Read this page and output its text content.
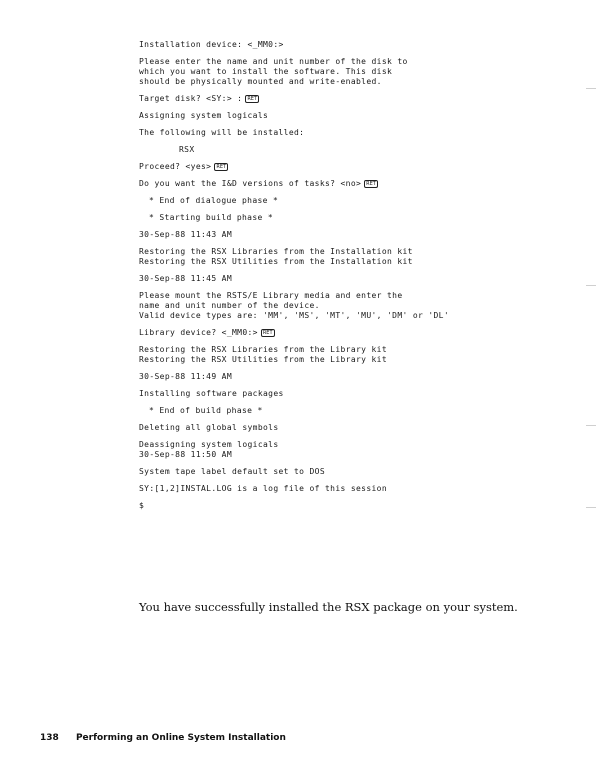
Installation device: <_MM0:>
Please enter the name and unit number of the disk to
which you want to install the software. This disk
should be physically mounted and write-enabled.
Target disk? <SY:> : RET
Assigning system logicals
The following will be installed:
RSX
Proceed? <yes> RET
Do you want the I&D versions of tasks? <no> RET
* End of dialogue phase *
* Starting build phase *
30-Sep-88 11:43 AM
Restoring the RSX Libraries from the Installation kit
Restoring the RSX Utilities from the Installation kit
30-Sep-88 11:45 AM
Please mount the RSTS/E Library media and enter the
name and unit number of the device.
Valid device types are: 'MM', 'MS', 'MT', 'MU', 'DM' or 'DL'
Library device? <_MM0:> RET
Restoring the RSX Libraries from the Library kit
Restoring the RSX Utilities from the Library kit
30-Sep-88 11:49 AM
Installing software packages
* End of build phase *
Deleting all global symbols
Deassigning system logicals
30-Sep-88 11:50 AM
System tape label default set to DOS
SY:[1,2]INSTAL.LOG is a log file of this session
$
You have successfully installed the RSX package on your system.
138 Performing an Online System Installation
